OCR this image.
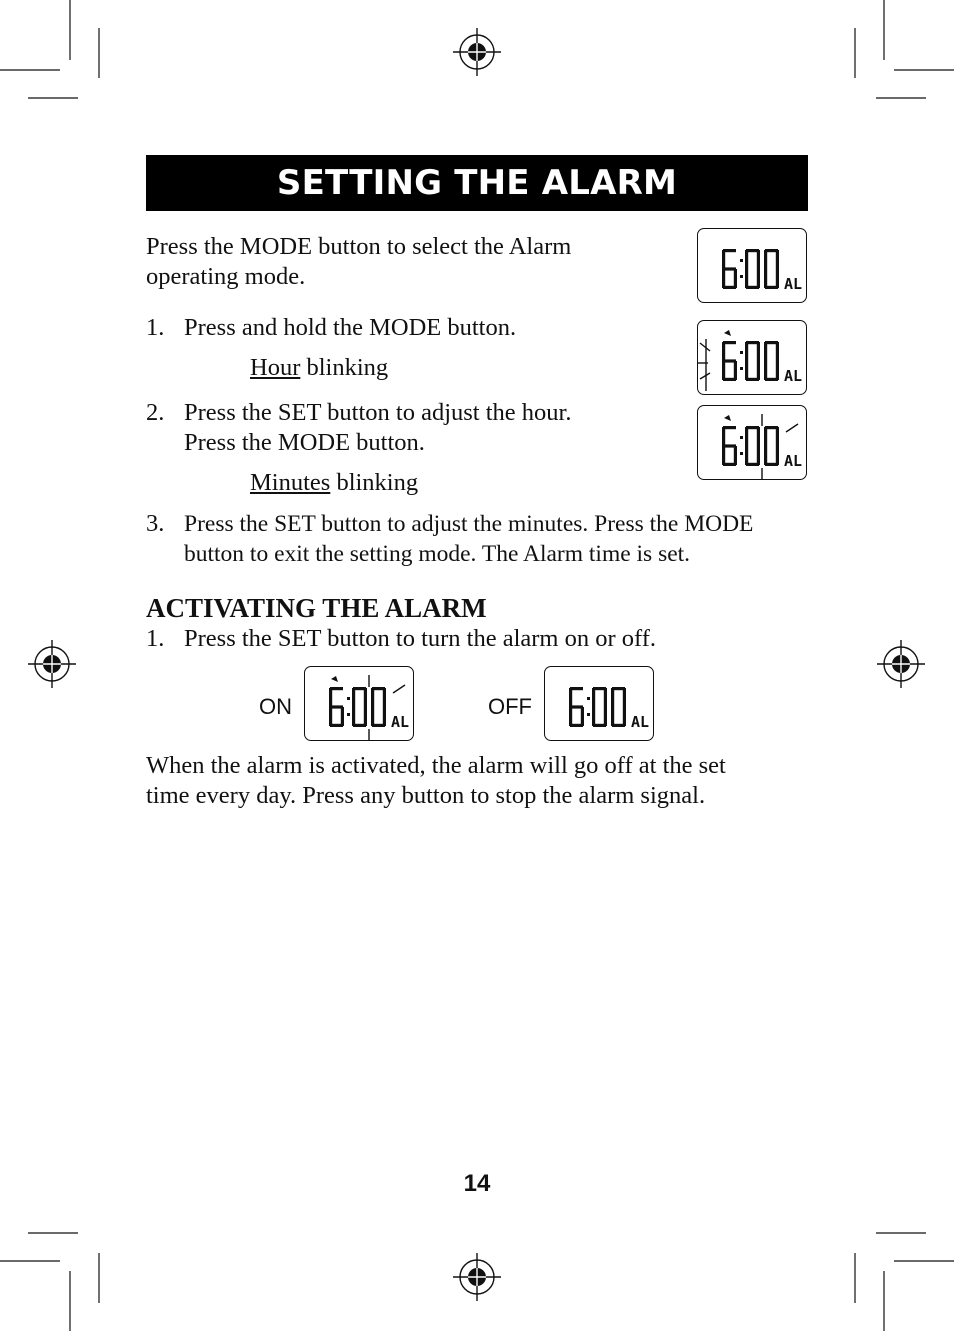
SETTING THE ALARM
Press the MODE button to select the Alarm
operating mode.
1. Press and hold the MODE button.
Hour blinking
2. Press the SET button to adjust the hour.
Press the MODE button.
Minutes blinking
3. Press the SET button to adjust the minutes. Press the MODE
button to exit the setting mode. The Alarm time is set.
ACTIVATING THE ALARM
1. Press the SET button to turn the alarm on or off.
ON	OFF
When the alarm is activated, the alarm will go off at the set
time every day. Press any button to stop the alarm signal.
AL
AL
AL
AL	AL
14
